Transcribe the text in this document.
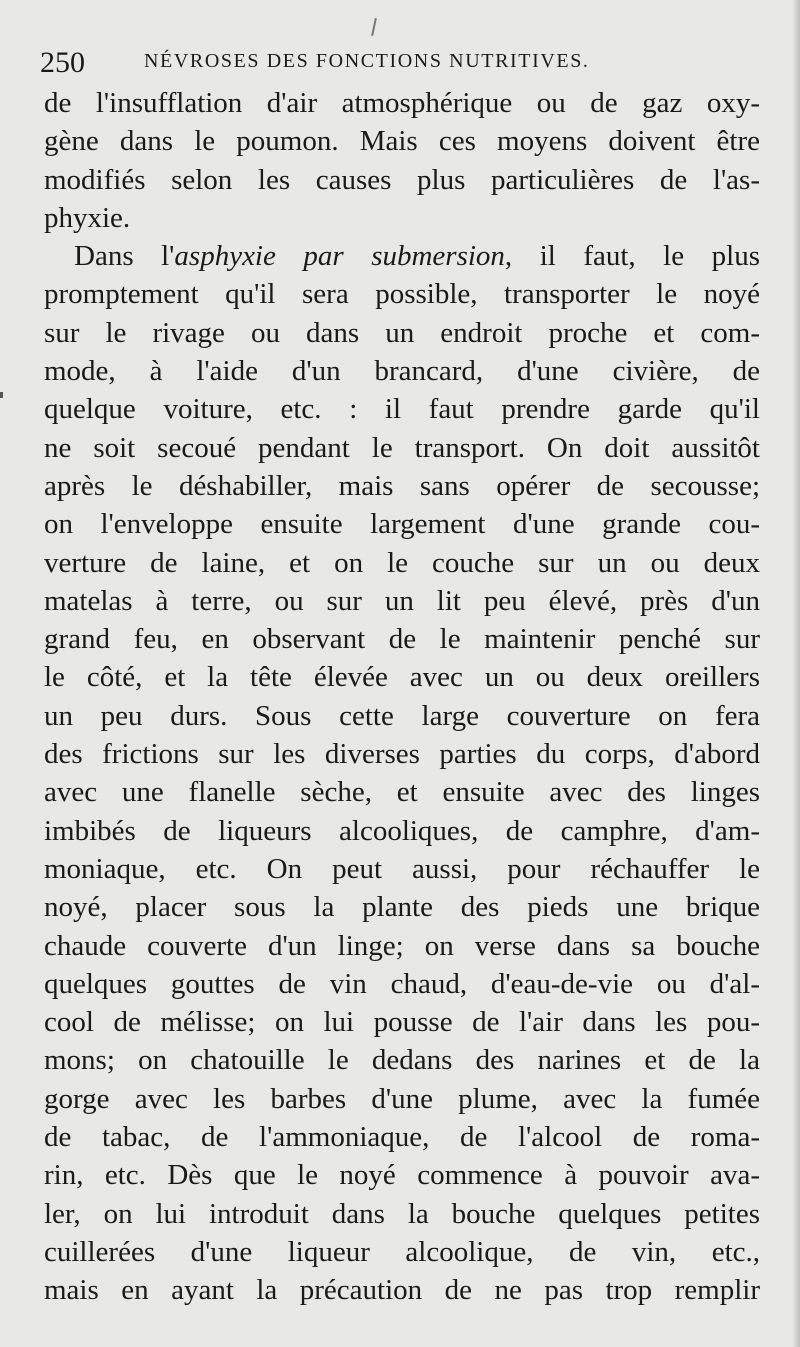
250	NÉVROSES DES FONCTIONS NUTRITIVES.
de l'insufflation d'air atmosphérique ou de gaz oxy-
gène dans le poumon. Mais ces moyens doivent être
modifiés selon les causes plus particulières de l'as-
phyxie.
Dans l'asphyxie par submersion, il faut, le plus
promptement qu'il sera possible, transporter le noyé
sur le rivage ou dans un endroit proche et com-
mode, à l'aide d'un brancard, d'une civière, de
quelque voiture, etc. : il faut prendre garde qu'il
ne soit secoué pendant le transport. On doit aussitôt
après le déshabiller, mais sans opérer de secousse;
on l'enveloppe ensuite largement d'une grande cou-
verture de laine, et on le couche sur un ou deux
matelas à terre, ou sur un lit peu élevé, près d'un
grand feu, en observant de le maintenir penché sur
le côté, et la tête élevée avec un ou deux oreillers
un peu durs. Sous cette large couverture on fera
des frictions sur les diverses parties du corps, d'abord
avec une flanelle sèche, et ensuite avec des linges
imbibés de liqueurs alcooliques, de camphre, d'am-
moniaque, etc. On peut aussi, pour réchauffer le
noyé, placer sous la plante des pieds une brique
chaude couverte d'un linge; on verse dans sa bouche
quelques gouttes de vin chaud, d'eau-de-vie ou d'al-
cool de mélisse; on lui pousse de l'air dans les pou-
mons; on chatouille le dedans des narines et de la
gorge avec les barbes d'une plume, avec la fumée
de tabac, de l'ammoniaque, de l'alcool de roma-
rin, etc. Dès que le noyé commence à pouvoir ava-
ler, on lui introduit dans la bouche quelques petites
cuillerées d'une liqueur alcoolique, de vin, etc.,
mais en ayant la précaution de ne pas trop remplir
